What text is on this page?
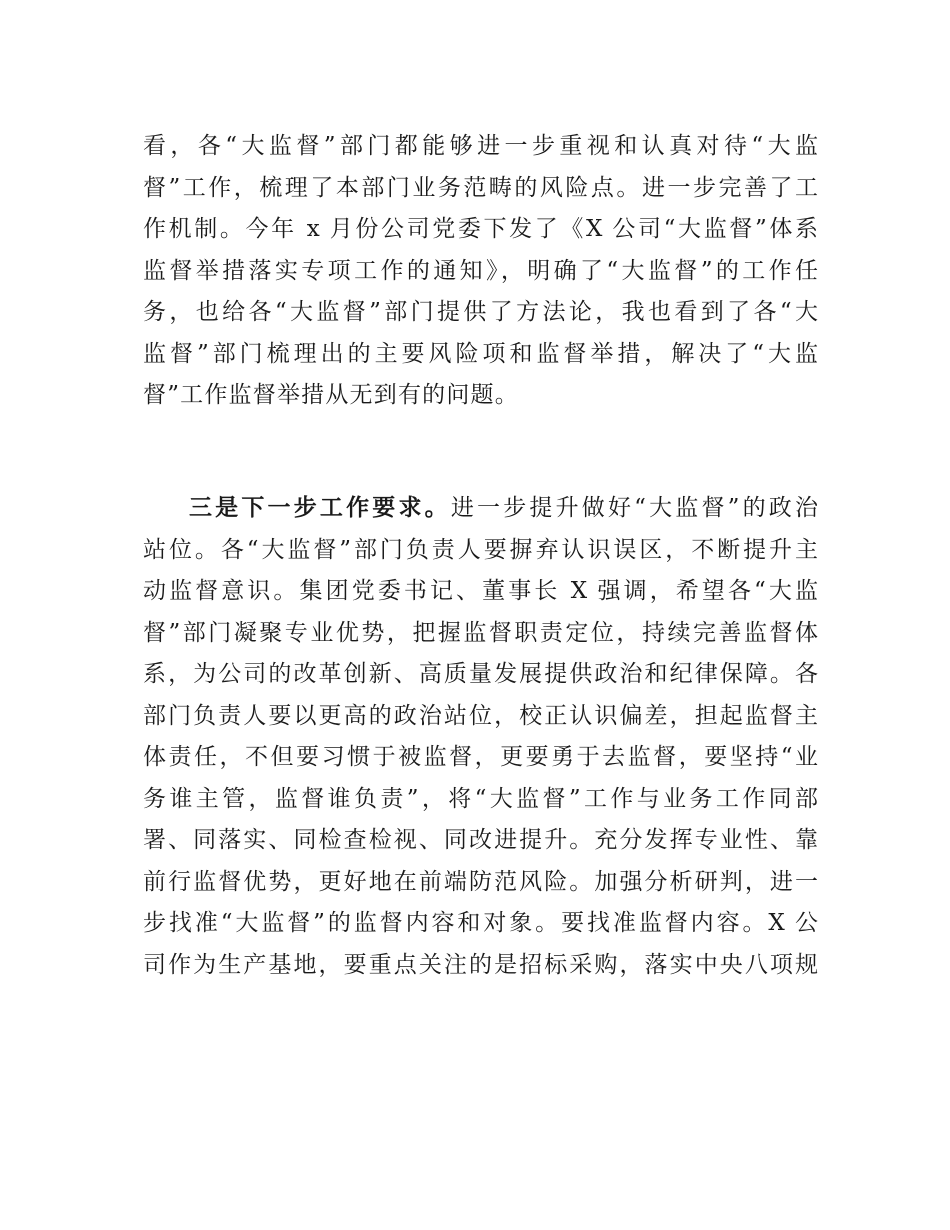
看，各“大监督”部门都能够进一步重视和认真对待“大监
督”工作，梳理了本部门业务范畴的风险点。进一步完善了工
作机制。今年 x 月份公司党委下发了《X 公司“大监督”体系
监督举措落实专项工作的通知》，明确了“大监督”的工作任
务，也给各“大监督”部门提供了方法论，我也看到了各“大
监督”部门梳理出的主要风险项和监督举措，解决了“大监
督”工作监督举措从无到有的问题。
三是下一步工作要求。进一步提升做好“大监督”的政治
站位。各“大监督”部门负责人要摒弃认识误区，不断提升主
动监督意识。集团党委书记、董事长 X 强调，希望各“大监
督”部门凝聚专业优势，把握监督职责定位，持续完善监督体
系，为公司的改革创新、高质量发展提供政治和纪律保障。各
部门负责人要以更高的政治站位，校正认识偏差，担起监督主
体责任，不但要习惯于被监督，更要勇于去监督，要坚持“业
务谁主管，监督谁负责”，将“大监督”工作与业务工作同部
署、同落实、同检查检视、同改进提升。充分发挥专业性、靠
前行监督优势，更好地在前端防范风险。加强分析研判，进一
步找准“大监督”的监督内容和对象。要找准监督内容。X 公
司作为生产基地，要重点关注的是招标采购，落实中央八项规
